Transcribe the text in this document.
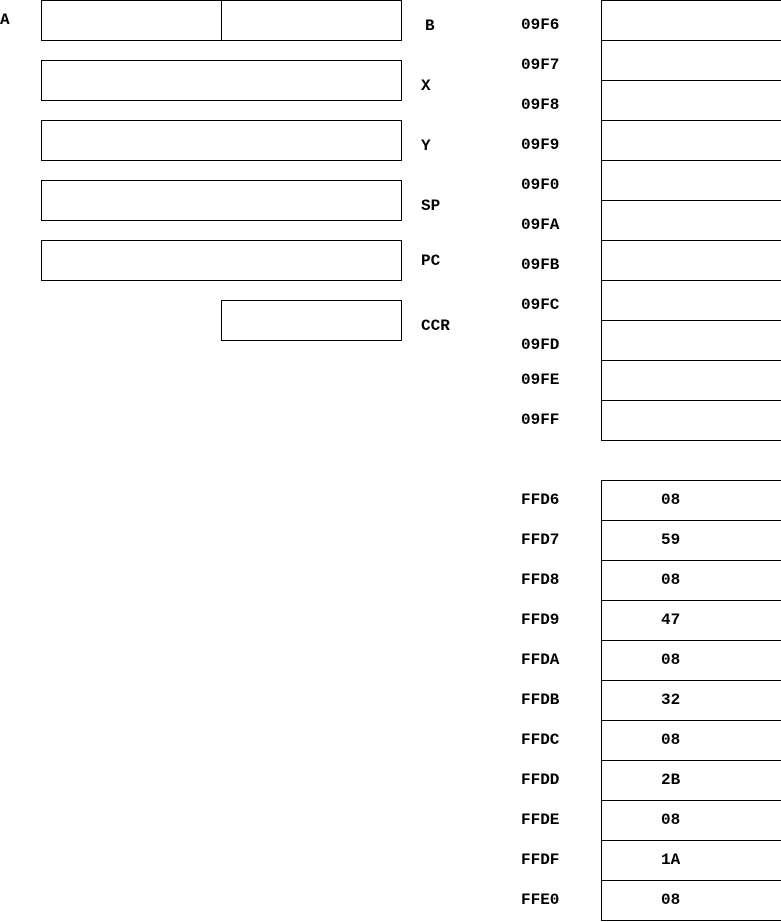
A	B
X
Y
SP
PC
CCR
09F6
09F7
09F8
09F9
09F0
09FA
09FB
09FC
09FD
09FE
09FF
FFD6
FFD7
FFD8
FFD9
FFDA
FFDB
FFDC
FFDD
FFDE
FFDF
FFE0
08
59
08
47
08
32
08
2B
08
1A
08
